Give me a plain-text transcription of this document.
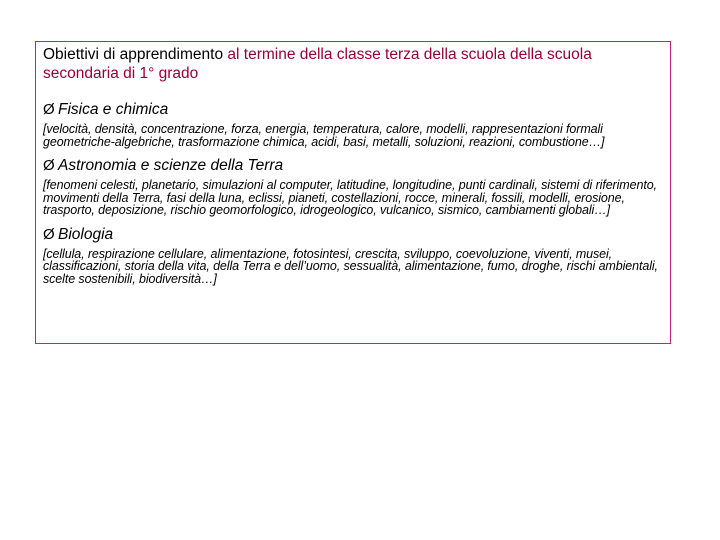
Obiettivi di apprendimento al termine della classe terza della scuola della scuola secondaria di 1° grado

Ø Fisica e chimica

[velocità, densità, concentrazione, forza, energia, temperatura, calore, modelli, rappresentazioni formali geometriche-algebriche, trasformazione chimica, acidi, basi, metalli, soluzioni, reazioni, combustione…]

Ø Astronomia e scienze della Terra

[fenomeni celesti, planetario, simulazioni al computer, latitudine, longitudine, punti cardinali, sistemi di riferimento, movimenti della Terra, fasi della luna, eclissi, pianeti, costellazioni, rocce, minerali, fossili, modelli, erosione, trasporto, deposizione, rischio geomorfologico, idrogeologico, vulcanico, sismico, cambiamenti globali…]

Ø Biologia

[cellula, respirazione cellulare, alimentazione, fotosintesi, crescita, sviluppo, coevoluzione, viventi, musei, classificazioni, storia della vita, della Terra e dell’uomo, sessualità, alimentazione, fumo, droghe, rischi ambientali, scelte sostenibili, biodiversità…]
